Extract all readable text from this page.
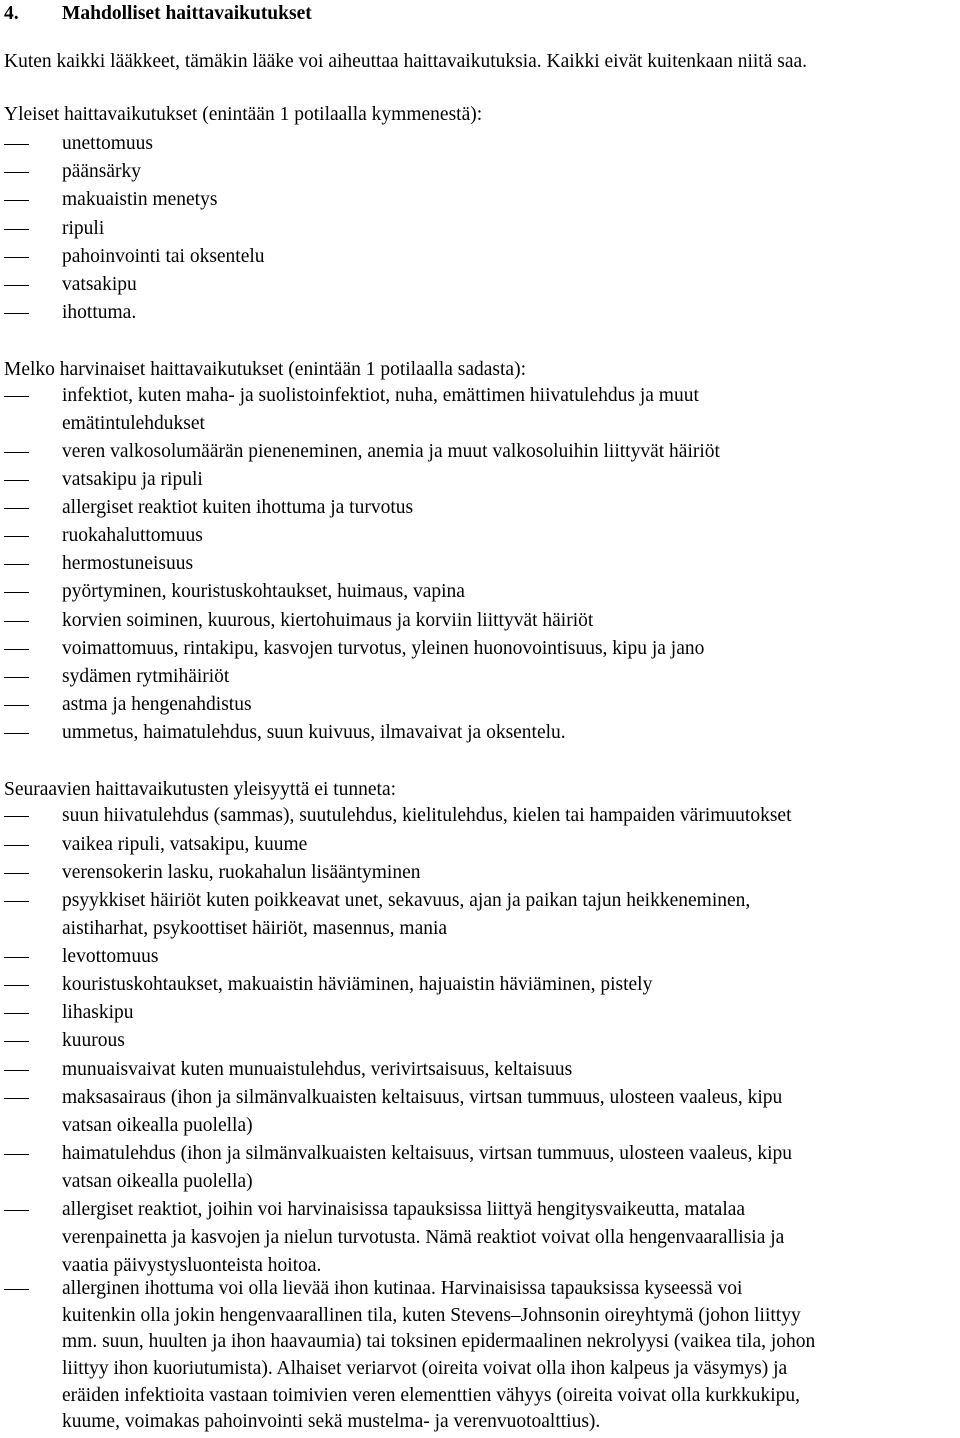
4. Mahdolliset haittavaikutukset
Kuten kaikki lääkkeet, tämäkin lääke voi aiheuttaa haittavaikutuksia. Kaikki eivät kuitenkaan niitä saa.
Yleiset haittavaikutukset (enintään 1 potilaalla kymmenestä):
unettomuus
päänsärky
makuaistin menetys
ripuli
pahoinvointi tai oksentelu
vatsakipu
ihottuma.
Melko harvinaiset haittavaikutukset (enintään 1 potilaalla sadasta):
infektiot, kuten maha- ja suolistoinfektiot, nuha, emättimen hiivatulehdus ja muut
emätintulehdukset
veren valkosolumäärän pieneneminen, anemia ja muut valkosoluihin liittyvät häiriöt
vatsakipu ja ripuli
allergiset reaktiot kuiten ihottuma ja turvotus
ruokahaluttomuus
hermostuneisuus
pyörtyminen, kouristuskohtaukset, huimaus, vapina
korvien soiminen, kuurous, kiertohuimaus ja korviin liittyvät häiriöt
voimattomuus, rintakipu, kasvojen turvotus, yleinen huonovointisuus, kipu ja jano
sydämen rytmihäiriöt
astma ja hengenahdistus
ummetus, haimatulehdus, suun kuivuus, ilmavaivat ja oksentelu.
Seuraavien haittavaikutusten yleisyyttä ei tunneta:
suun hiivatulehdus (sammas), suutulehdus, kielitulehdus, kielen tai hampaiden värimuutokset
vaikea ripuli, vatsakipu, kuume
verensokerin lasku, ruokahalun lisääntyminen
psyykkiset häiriöt kuten poikkeavat unet, sekavuus, ajan ja paikan tajun heikkeneminen,
aistiharhat, psykoottiset häiriöt, masennus, mania
levottomuus
kouristuskohtaukset, makuaistin häviäminen, hajuaistin häviäminen, pistely
lihaskipu
kuurous
munuaisvaivat kuten munuaistulehdus, verivirtsaisuus, keltaisuus
maksasairaus (ihon ja silmänvalkuaisten keltaisuus, virtsan tummuus, ulosteen vaaleus, kipu
vatsan oikealla puolella)
haimatulehdus (ihon ja silmänvalkuaisten keltaisuus, virtsan tummuus, ulosteen vaaleus, kipu
vatsan oikealla puolella)
allergiset reaktiot, joihin voi harvinaisissa tapauksissa liittyä hengitysvaikeutta, matalaa
verenpainetta ja kasvojen ja nielun turvotusta. Nämä reaktiot voivat olla hengenvaarallisia ja
vaatia päivystysluonteista hoitoa.
allerginen ihottuma voi olla lievää ihon kutinaa. Harvinaisissa tapauksissa kyseessä voi
kuitenkin olla jokin hengenvaarallinen tila, kuten Stevens–Johnsonin oireyhtymä (johon liittyy
mm. suun, huulten ja ihon haavaumia) tai toksinen epidermaalinen nekrolyysi (vaikea tila, johon
liittyy ihon kuoriutumista). Alhaiset veriarvot (oireita voivat olla ihon kalpeus ja väsymys) ja
eräiden infektioita vastaan toimivien veren elementtien vähyys (oireita voivat olla kurkkukipu,
kuume, voimakas pahoinvointi sekä mustelma- ja verenvuotoalttius).
